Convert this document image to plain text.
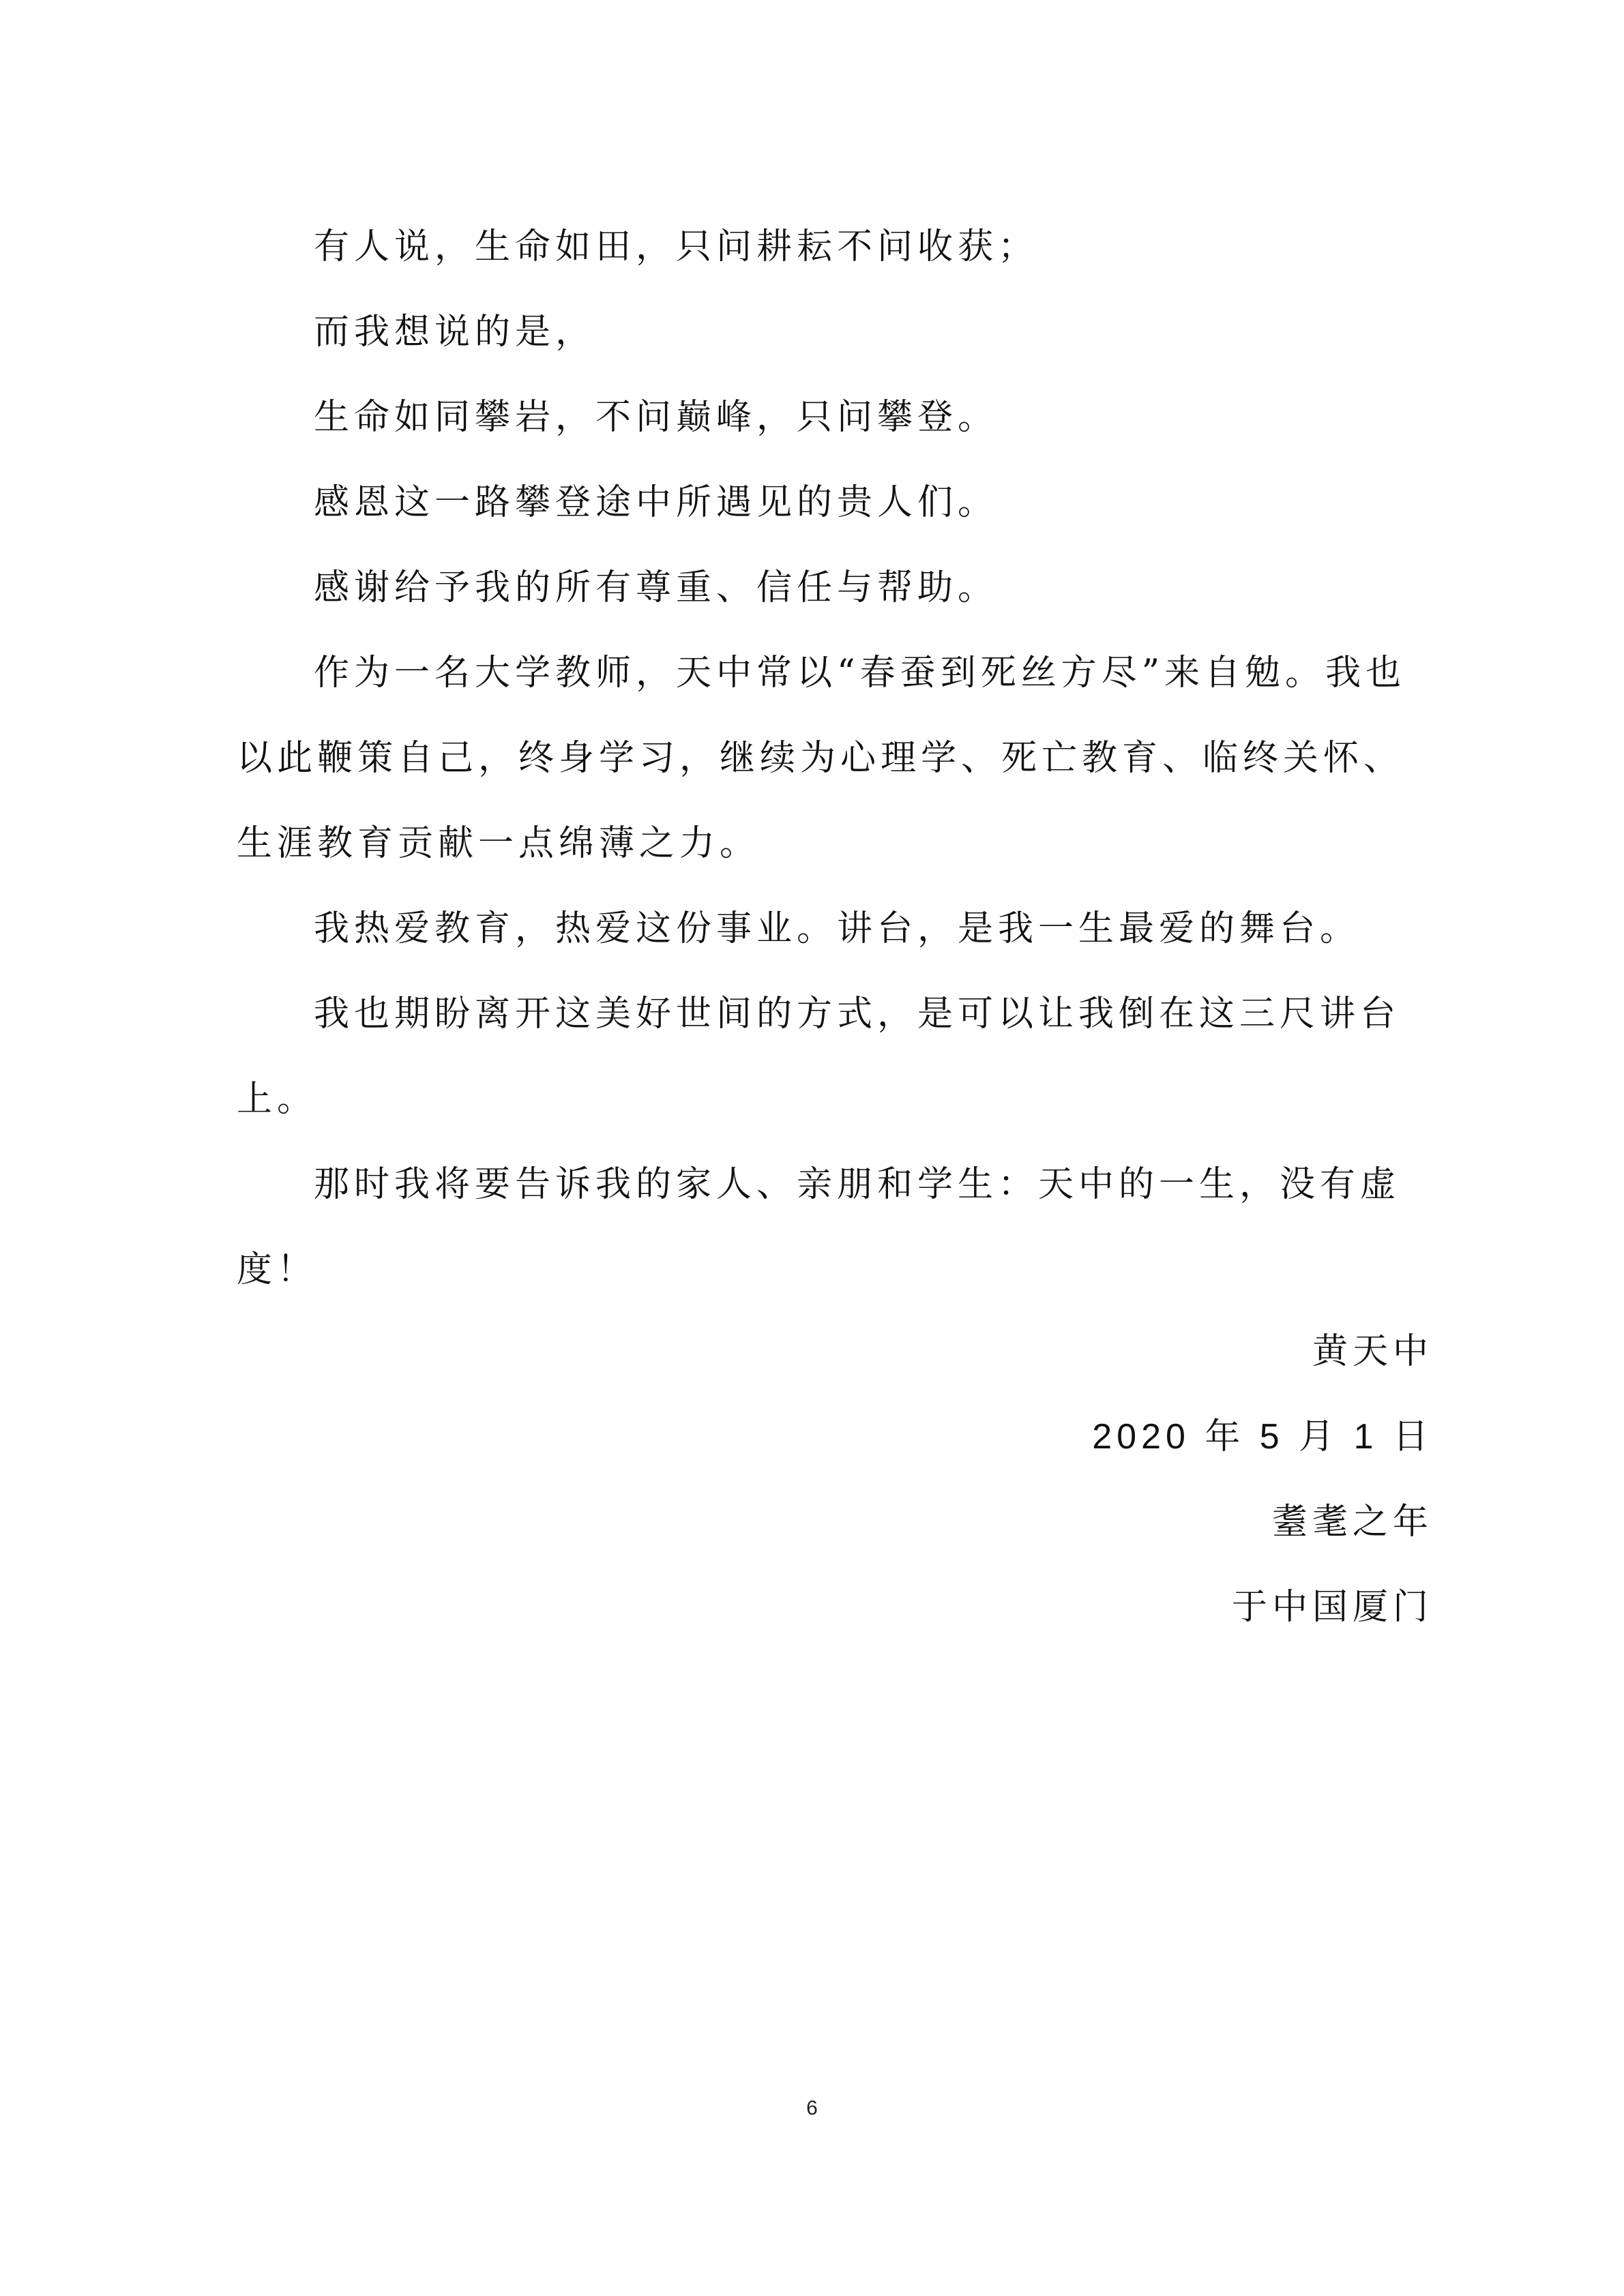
有人说，生命如田，只问耕耘不问收获；

而我想说的是，

生命如同攀岩，不问巅峰，只问攀登。

感恩这一路攀登途中所遇见的贵人们。

感谢给予我的所有尊重、信任与帮助。

作为一名大学教师，天中常以“春蚕到死丝方尽”来自勉。我也以此鞭策自己，终身学习，继续为心理学、死亡教育、临终关怀、生涯教育贡献一点绵薄之力。

我热爱教育，热爱这份事业。讲台，是我一生最爱的舞台。

我也期盼离开这美好世间的方式，是可以让我倒在这三尺讲台上。

那时我将要告诉我的家人、亲朋和学生：天中的一生，没有虚度！

黄天中

2020 年 5 月 1 日

耋耄之年

于中国厦门

6
